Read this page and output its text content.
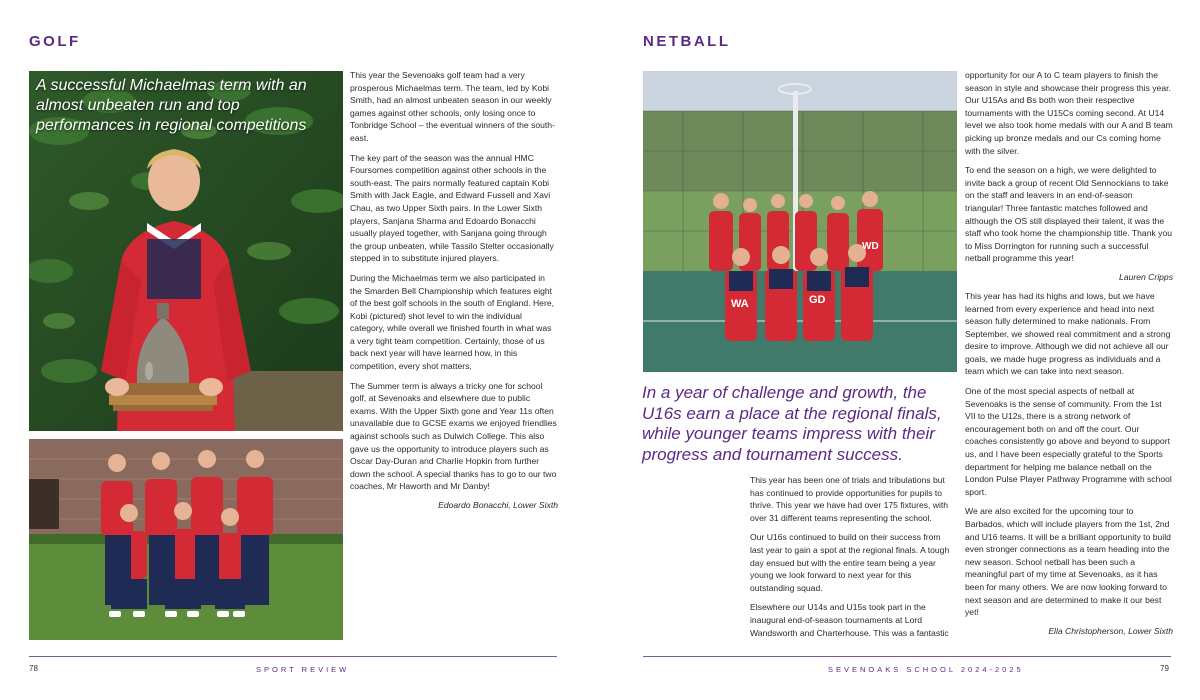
GOLF
A successful Michaelmas term with an almost unbeaten run and top performances in regional competitions

This year the Sevenoaks golf team had a very prosperous Michaelmas term. The team, led by Kobi Smith, had an almost unbeaten season in our weekly games against other schools, only losing once to Tonbridge School – the eventual winners of the south-east.

The key part of the season was the annual HMC Foursomes competition against other schools in the south-east. The pairs normally featured captain Kobi Smith with Jack Eagle, and Edward Fussell and Xavi Chau, as two Upper Sixth pairs. In the Lower Sixth players, Sanjana Sharma and Edoardo Bonacchi usually played together, with Sanjana going through the group unbeaten, while Tassilo Stelter occasionally stepped in to substitute injured players.

During the Michaelmas term we also participated in the Smarden Bell Championship which features eight of the best golf schools in the south of England. Here, Kobi (pictured) shot level to win the individual category, while overall we finished fourth in what was a very tight team competition. Certainly, those of us back next year will have learned how, in this competition, every shot matters.

The Summer term is always a tricky one for school golf, at Sevenoaks and elsewhere due to public exams. With the Upper Sixth gone and Year 11s often unavailable due to GCSE exams we enjoyed friendlies against schools such as Dulwich College. This also gave us the opportunity to introduce players such as Oscar Day-Duran and Charlie Hopkin from further down the school. A special thanks has to go to our two coaches, Mr Haworth and Mr Danby!

Edoardo Bonacchi, Lower Sixth
78	SPORT REVIEW
NETBALL
WA	GD
WD
In a year of challenge and growth, the U16s earn a place at the regional finals, while younger teams impress with their progress and tournament success.

This year has been one of trials and tribulations but has continued to provide opportunities for pupils to thrive. This year we have had over 175 fixtures, with over 31 different teams representing the school.

Our U16s continued to build on their success from last year to gain a spot at the regional finals. A tough day ensued but with the entire team being a year young we look forward to next year for this outstanding squad.

Elsewhere our U14s and U15s took part in the inaugural end-of-season tournaments at Lord Wandsworth and Charterhouse. This was a fantastic

opportunity for our A to C team players to finish the season in style and showcase their progress this year. Our U15As and Bs both won their respective tournaments with the U15Cs coming second. At U14 level we also took home medals with our A and B team picking up bronze medals and our Cs coming home with the silver.

To end the season on a high, we were delighted to invite back a group of recent Old Sennockians to take on the staff and leavers in an end-of-season triangular! Three fantastic matches followed and although the OS still displayed their talent, it was the staff who took home the championship title. Thank you to Miss Dorrington for running such a successful netball programme this year!

Lauren Cripps

This year has had its highs and lows, but we have learned from every experience and head into next season fully determined to make nationals. From September, we showed real commitment and a strong desire to improve. Although we did not achieve all our goals, we made huge progress as individuals and a team which we can take into next season.

One of the most special aspects of netball at Sevenoaks is the sense of community. From the 1st VII to the U12s, there is a strong network of encouragement both on and off the court. Our coaches consistently go above and beyond to support us, and I have been especially grateful to the Sports department for helping me balance netball on the London Pulse Player Pathway Programme with school sport.

We are also excited for the upcoming tour to Barbados, which will include players from the 1st, 2nd and U16 teams. It will be a brilliant opportunity to build even stronger connections as a team heading into the new season. School netball has been such a meaningful part of my time at Sevenoaks, as it has been for many others. We are now looking forward to next season and are determined to make it our best yet!

Ella Christopherson, Lower Sixth
SEVENOAKS SCHOOL 2024-2025	79
